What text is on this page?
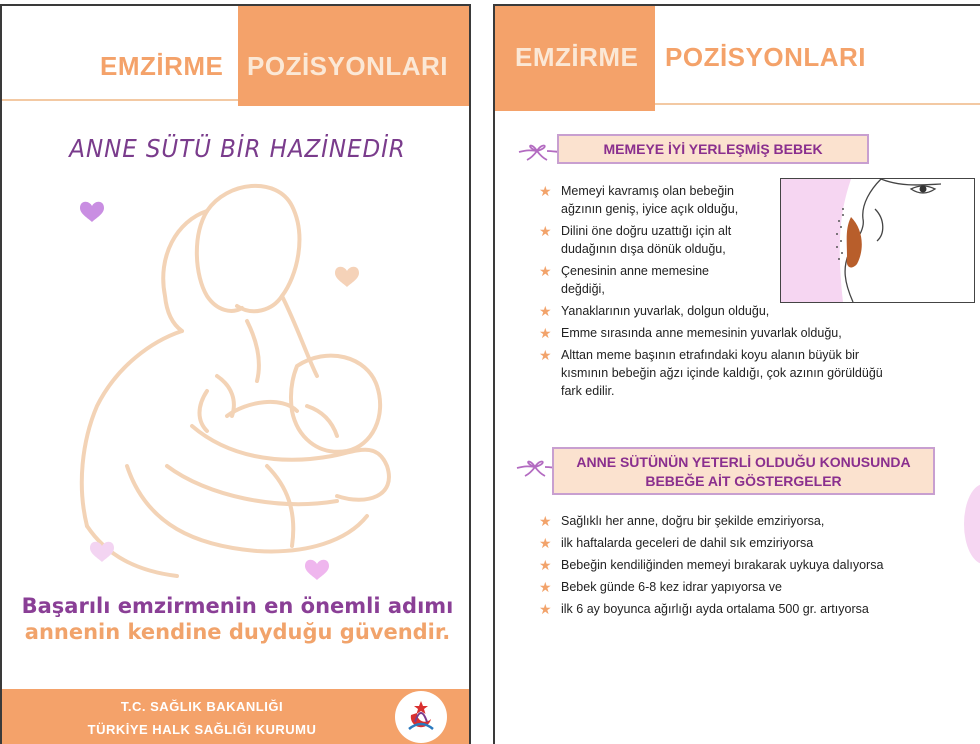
EMZİRME POZİSYONLARI
ANNE SÜTÜ BİR HAZİNEDİR
Başarılı emzirmenin en önemli adımı
annenin kendine duyduğu güvendir.
T.C. SAĞLIK BAKANLIĞI
TÜRKİYE HALK SAĞLIĞI KURUMU
EMZİRME POZİSYONLARI
MEMEYE İYİ YERLEŞMİŞ BEBEK
★ Memeyi kavramış olan bebeğin
ağzının geniş, iyice açık olduğu,
★ Dilini öne doğru uzattığı için alt
dudağının dışa dönük olduğu,
★ Çenesinin anne memesine
değdiği,
★ Yanaklarının yuvarlak, dolgun olduğu,
★ Emme sırasında anne memesinin yuvarlak olduğu,
★ Alttan meme başının etrafındaki koyu alanın büyük bir
kısmının bebeğin ağzı içinde kaldığı, çok azının görüldüğü
fark edilir.
ANNE SÜTÜNÜN YETERLİ OLDUĞU KONUSUNDA
BEBEĞE AİT GÖSTERGELER
★ Sağlıklı her anne, doğru bir şekilde emziriyorsa,
★ ilk haftalarda geceleri de dahil sık emziriyorsa
★ Bebeğin kendiliğinden memeyi bırakarak uykuya dalıyorsa
★ Bebek günde 6-8 kez idrar yapıyorsa ve
★ ilk 6 ay boyunca ağırlığı ayda ortalama 500 gr. artıyorsa
